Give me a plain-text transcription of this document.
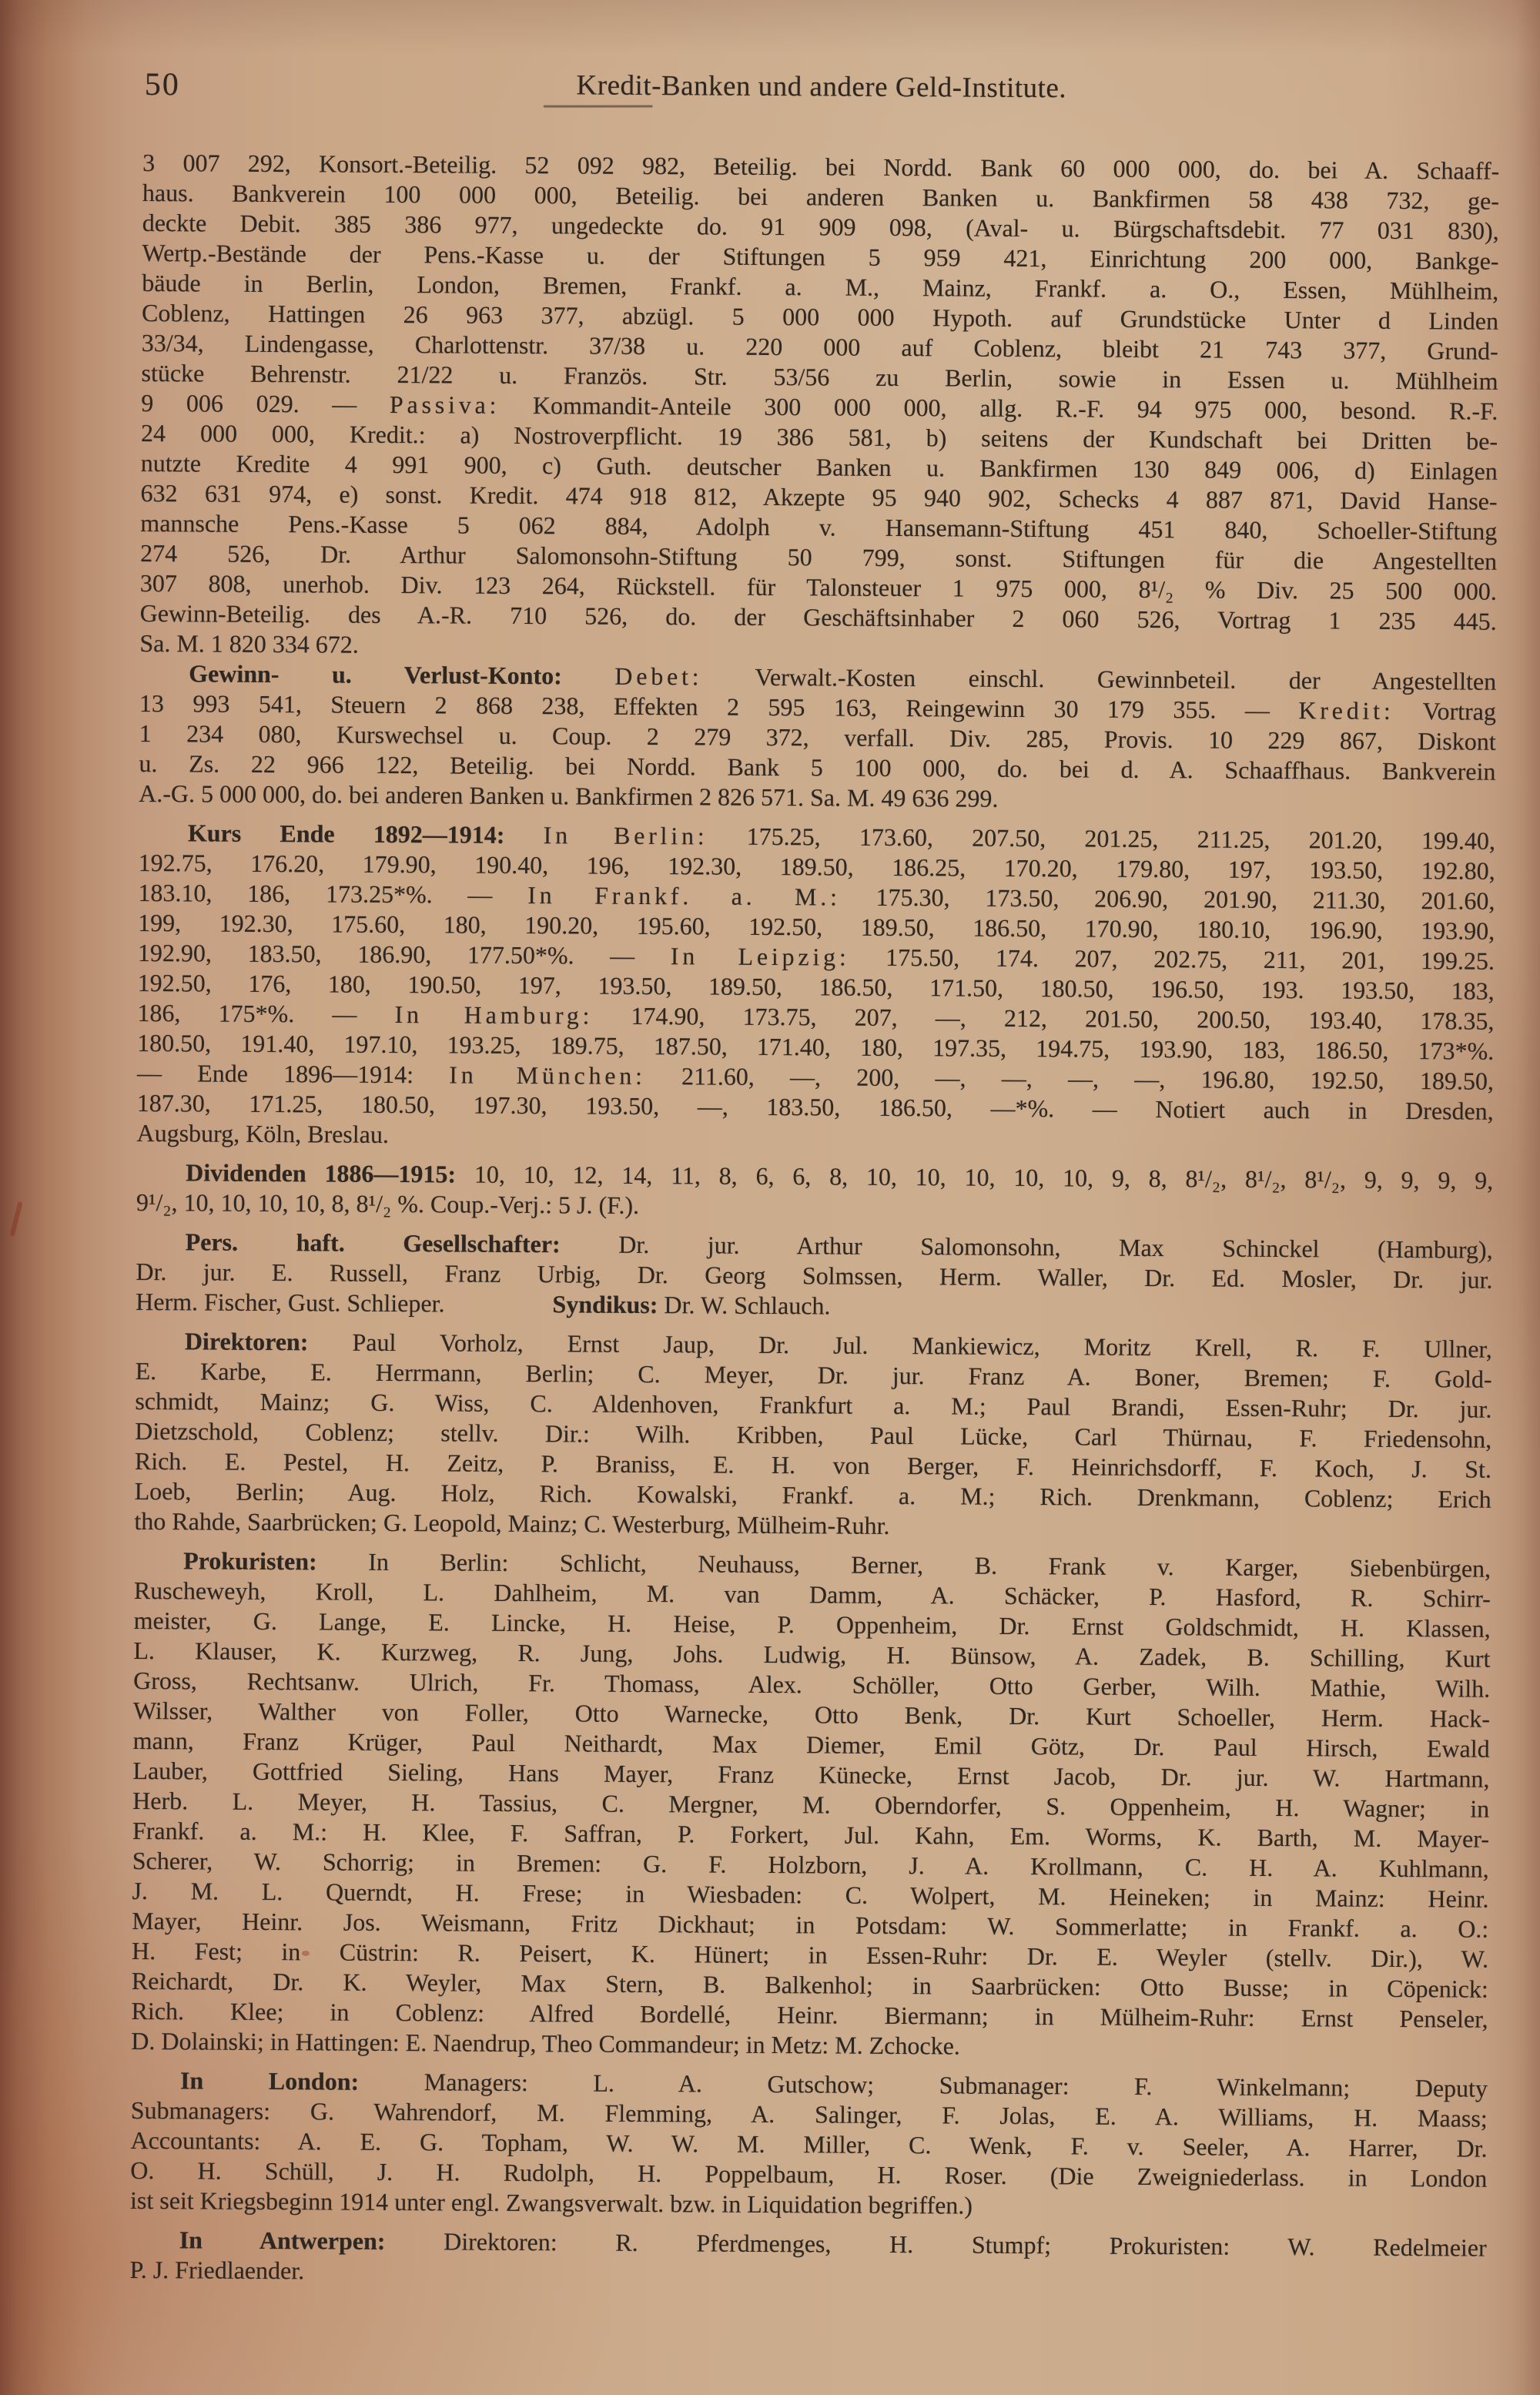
50	Kredit-Banken und andere Geld-Institute.
3 007 292, Konsort.-Beteilig. 52 092 982, Beteilig. bei Nordd. Bank 60 000 000, do. bei A. Schaaff-
haus. Bankverein 100 000 000, Beteilig. bei anderen Banken u. Bankfirmen 58 438 732, ge-
deckte Debit. 385 386 977, ungedeckte do. 91 909 098, (Aval- u. Bürgschaftsdebit. 77 031 830),
Wertp.-Bestände der Pens.-Kasse u. der Stiftungen 5 959 421, Einrichtung 200 000, Bankge-
bäude in Berlin, London, Bremen, Frankf. a. M., Mainz, Frankf. a. O., Essen, Mühlheim,
Coblenz, Hattingen 26 963 377, abzügl. 5 000 000 Hypoth. auf Grundstücke Unter d Linden
33/34, Lindengasse, Charlottenstr. 37/38 u. 220 000 auf Coblenz, bleibt 21 743 377, Grund-
stücke Behrenstr. 21/22 u. Französ. Str. 53/56 zu Berlin, sowie in Essen u. Mühlheim
9 006 029. — Passiva: Kommandit-Anteile 300 000 000, allg. R.-F. 94 975 000, besond. R.-F.
24 000 000, Kredit.: a) Nostroverpflicht. 19 386 581, b) seitens der Kundschaft bei Dritten be-
nutzte Kredite 4 991 900, c) Guth. deutscher Banken u. Bankfirmen 130 849 006, d) Einlagen
632 631 974, e) sonst. Kredit. 474 918 812, Akzepte 95 940 902, Schecks 4 887 871, David Hanse-
mannsche Pens.-Kasse 5 062 884, Adolph v. Hansemann-Stiftung 451 840, Schoeller-Stiftung
274 526, Dr. Arthur Salomonsohn-Stiftung 50 799, sonst. Stiftungen für die Angestellten
307 808, unerhob. Div. 123 264, Rückstell. für Talonsteuer 1 975 000, 8¹/₂ % Div. 25 500 000.
Gewinn-Beteilig. des A.-R. 710 526, do. der Geschäftsinhaber 2 060 526, Vortrag 1 235 445.
Sa. M. 1 820 334 672.
Gewinn- u. Verlust-Konto: Debet: Verwalt.-Kosten einschl. Gewinnbeteil. der Angestellten
13 993 541, Steuern 2 868 238, Effekten 2 595 163, Reingewinn 30 179 355. — Kredit: Vortrag
1 234 080, Kurswechsel u. Coup. 2 279 372, verfall. Div. 285, Provis. 10 229 867, Diskont
u. Zs. 22 966 122, Beteilig. bei Nordd. Bank 5 100 000, do. bei d. A. Schaaffhaus. Bankverein
A.-G. 5 000 000, do. bei anderen Banken u. Bankfirmen 2 826 571. Sa. M. 49 636 299.
Kurs Ende 1892—1914: In Berlin: 175.25, 173.60, 207.50, 201.25, 211.25, 201.20, 199.40,
192.75, 176.20, 179.90, 190.40, 196, 192.30, 189.50, 186.25, 170.20, 179.80, 197, 193.50, 192.80,
183.10, 186, 173.25*%. — In Frankf. a. M.: 175.30, 173.50, 206.90, 201.90, 211.30, 201.60,
199, 192.30, 175.60, 180, 190.20, 195.60, 192.50, 189.50, 186.50, 170.90, 180.10, 196.90, 193.90,
192.90, 183.50, 186.90, 177.50*%. — In Leipzig: 175.50, 174. 207, 202.75, 211, 201, 199.25.
192.50, 176, 180, 190.50, 197, 193.50, 189.50, 186.50, 171.50, 180.50, 196.50, 193. 193.50, 183,
186, 175*%. — In Hamburg: 174.90, 173.75, 207, —, 212, 201.50, 200.50, 193.40, 178.35,
180.50, 191.40, 197.10, 193.25, 189.75, 187.50, 171.40, 180, 197.35, 194.75, 193.90, 183, 186.50, 173*%.
— Ende 1896—1914: In München: 211.60, —, 200, —, —, —, —, 196.80, 192.50, 189.50,
187.30, 171.25, 180.50, 197.30, 193.50, —, 183.50, 186.50, —*%. — Notiert auch in Dresden,
Augsburg, Köln, Breslau.
Dividenden 1886—1915: 10, 10, 12, 14, 11, 8, 6, 6, 8, 10, 10, 10, 10, 10, 9, 8, 8¹/₂, 8¹/₂, 8¹/₂, 9, 9, 9, 9,
9¹/₂, 10, 10, 10, 10, 8, 8¹/₂ %. Coup.-Verj.: 5 J. (F.).
Pers. haft. Gesellschafter: Dr. jur. Arthur Salomonsohn, Max Schinckel (Hamburg),
Dr. jur. E. Russell, Franz Urbig, Dr. Georg Solmssen, Herm. Waller, Dr. Ed. Mosler, Dr. jur.
Herm. Fischer, Gust. Schlieper.	Syndikus: Dr. W. Schlauch.
Direktoren: Paul Vorholz, Ernst Jaup, Dr. Jul. Mankiewicz, Moritz Krell, R. F. Ullner,
E. Karbe, E. Herrmann, Berlin; C. Meyer, Dr. jur. Franz A. Boner, Bremen; F. Gold-
schmidt, Mainz; G. Wiss, C. Aldenhoven, Frankfurt a. M.; Paul Brandi, Essen-Ruhr; Dr. jur.
Dietzschold, Coblenz; stellv. Dir.: Wilh. Kribben, Paul Lücke, Carl Thürnau, F. Friedensohn,
Rich. E. Pestel, H. Zeitz, P. Braniss, E. H. von Berger, F. Heinrichsdorff, F. Koch, J. St.
Loeb, Berlin; Aug. Holz, Rich. Kowalski, Frankf. a. M.; Rich. Drenkmann, Coblenz; Erich
tho Rahde, Saarbrücken; G. Leopold, Mainz; C. Westerburg, Mülheim-Ruhr.
Prokuristen: In Berlin: Schlicht, Neuhauss, Berner, B. Frank v. Karger, Siebenbürgen,
Ruscheweyh, Kroll, L. Dahlheim, M. van Damm, A. Schäcker, P. Hasford, R. Schirr-
meister, G. Lange, E. Lincke, H. Heise, P. Oppenheim, Dr. Ernst Goldschmidt, H. Klassen,
L. Klauser, K. Kurzweg, R. Jung, Johs. Ludwig, H. Bünsow, A. Zadek, B. Schilling, Kurt
Gross, Rechtsanw. Ulrich, Fr. Thomass, Alex. Schöller, Otto Gerber, Wilh. Mathie, Wilh.
Wilsser, Walther von Foller, Otto Warnecke, Otto Benk, Dr. Kurt Schoeller, Herm. Hack-
mann, Franz Krüger, Paul Neithardt, Max Diemer, Emil Götz, Dr. Paul Hirsch, Ewald
Lauber, Gottfried Sieling, Hans Mayer, Franz Künecke, Ernst Jacob, Dr. jur. W. Hartmann,
Herb. L. Meyer, H. Tassius, C. Mergner, M. Oberndorfer, S. Oppenheim, H. Wagner; in
Frankf. a. M.: H. Klee, F. Saffran, P. Forkert, Jul. Kahn, Em. Worms, K. Barth, M. Mayer-
Scherer, W. Schorrig; in Bremen: G. F. Holzborn, J. A. Krollmann, C. H. A. Kuhlmann,
J. M. L. Querndt, H. Frese; in Wiesbaden: C. Wolpert, M. Heineken; in Mainz: Heinr.
Mayer, Heinr. Jos. Weismann, Fritz Dickhaut; in Potsdam: W. Sommerlatte; in Frankf. a. O.:
H. Fest; in Cüstrin: R. Peisert, K. Hünert; in Essen-Ruhr: Dr. E. Weyler (stellv. Dir.), W.
Reichardt, Dr. K. Weyler, Max Stern, B. Balkenhol; in Saarbrücken: Otto Busse; in Cöpenick:
Rich. Klee; in Coblenz: Alfred Bordellé, Heinr. Biermann; in Mülheim-Ruhr: Ernst Penseler,
D. Dolainski; in Hattingen: E. Naendrup, Theo Commandeur; in Metz: M. Zchocke.
In London: Managers: L. A. Gutschow; Submanager: F. Winkelmann; Deputy
Submanagers: G. Wahrendorf, M. Flemming, A. Salinger, F. Jolas, E. A. Williams, H. Maass;
Accountants: A. E. G. Topham, W. W. M. Miller, C. Wenk, F. v. Seeler, A. Harrer, Dr.
O. H. Schüll, J. H. Rudolph, H. Poppelbaum, H. Roser. (Die Zweigniederlass. in London
ist seit Kriegsbeginn 1914 unter engl. Zwangsverwalt. bzw. in Liquidation begriffen.)
In Antwerpen: Direktoren: R. Pferdmenges, H. Stumpf; Prokuristen: W. Redelmeier
P. J. Friedlaender.
